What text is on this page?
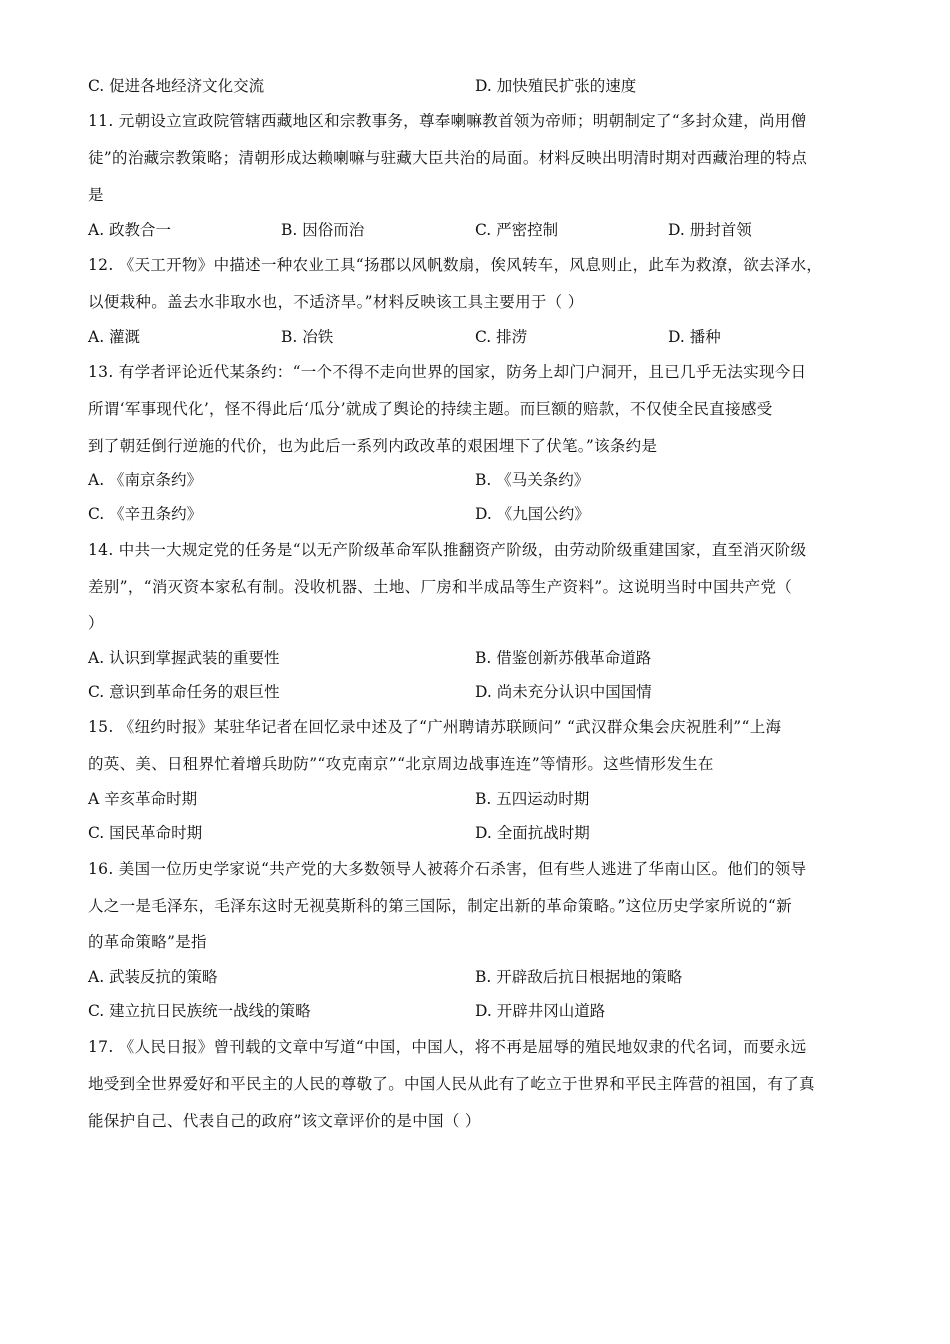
C. 促进各地经济文化交流	D. 加快殖民扩张的速度
11. 元朝设立宣政院管辖西藏地区和宗教事务，尊奉喇嘛教首领为帝师；明朝制定了“多封众建，尚用僧
徒”的治藏宗教策略；清朝形成达赖喇嘛与驻藏大臣共治的局面。材料反映出明清时期对西藏治理的特点
是
A. 政教合一	B. 因俗而治	C. 严密控制	D. 册封首领
12. 《天工开物》中描述一种农业工具“扬郡以风帆数扇，俟风转车，风息则止，此车为救潦，欲去泽水，
以便栽种。盖去水非取水也，不适济旱。”材料反映该工具主要用于（ ）
A. 灌溉	B. 冶铁	C. 排涝	D. 播种
13. 有学者评论近代某条约：“一个不得不走向世界的国家，防务上却门户洞开，且已几乎无法实现今日
所谓‘军事现代化’，怪不得此后‘瓜分’就成了舆论的持续主题。而巨额的赔款，不仅使全民直接感受
到了朝廷倒行逆施的代价，也为此后一系列内政改革的艰困埋下了伏笔。”该条约是
A. 《南京条约》	B. 《马关条约》
C. 《辛丑条约》	D. 《九国公约》
14. 中共一大规定党的任务是“以无产阶级革命军队推翻资产阶级，由劳动阶级重建国家，直至消灭阶级
差别”，“消灭资本家私有制。没收机器、土地、厂房和半成品等生产资料”。这说明当时中国共产党（
）
A. 认识到掌握武装的重要性	B. 借鉴创新苏俄革命道路
C. 意识到革命任务的艰巨性	D. 尚未充分认识中国国情
15. 《纽约时报》某驻华记者在回忆录中述及了“广州聘请苏联顾问” “武汉群众集会庆祝胜利”“上海
的英、美、日租界忙着增兵助防”“攻克南京”“北京周边战事连连”等情形。这些情形发生在
A 辛亥革命时期	B. 五四运动时期
C. 国民革命时期	D. 全面抗战时期
16. 美国一位历史学家说“共产党的大多数领导人被蒋介石杀害，但有些人逃进了华南山区。他们的领导
人之一是毛泽东，毛泽东这时无视莫斯科的第三国际，制定出新的革命策略。”这位历史学家所说的“新
的革命策略”是指
A. 武装反抗的策略	B. 开辟敌后抗日根据地的策略
C. 建立抗日民族统一战线的策略	D. 开辟井冈山道路
17. 《人民日报》曾刊载的文章中写道“中国，中国人，将不再是屈辱的殖民地奴隶的代名词，而要永远
地受到全世界爱好和平民主的人民的尊敬了。中国人民从此有了屹立于世界和平民主阵营的祖国，有了真
能保护自己、代表自己的政府”该文章评价的是中国（ ）
